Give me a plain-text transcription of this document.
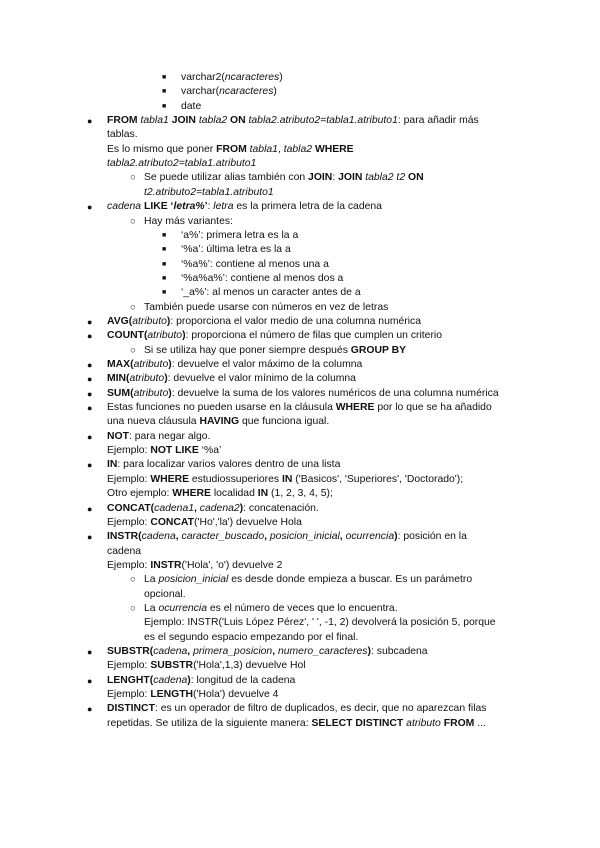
■ varchar2(ncaracteres)
■ varchar(ncaracteres)
■ date
● FROM tabla1 JOIN tabla2 ON tabla2.atributo2=tabla1.atributo1: para añadir más
tablas.
Es lo mismo que poner FROM tabla1, tabla2 WHERE
tabla2.atributo2=tabla1.atributo1
○ Se puede utilizar alias también con JOIN: JOIN tabla2 t2 ON
t2.atributo2=tabla1.atributo1
● cadena LIKE ‘letra%’: letra es la primera letra de la cadena
○ Hay más variantes:
■ ‘a%’: primera letra es la a
■ ‘%a’: última letra es la a
■ ‘%a%’: contiene al menos una a
■ ‘%a%a%’: contiene al menos dos a
■ ‘_a%’: al menos un caracter antes de a
○ También puede usarse con números en vez de letras
● AVG(atributo): proporciona el valor medio de una columna numérica
● COUNT(atributo): proporciona el número de filas que cumplen un criterio
○ Si se utiliza hay que poner siempre después GROUP BY
● MAX(atributo): devuelve el valor máximo de la columna
● MIN(atributo): devuelve el valor mínimo de la columna
● SUM(atributo): devuelve la suma de los valores numéricos de una columna numérica
● Estas funciones no pueden usarse en la cláusula WHERE por lo que se ha añadido
una nueva cláusula HAVING que funciona igual.
● NOT: para negar algo.
Ejemplo: NOT LIKE ‘%a’
● IN: para localizar varios valores dentro de una lista
Ejemplo: WHERE estudiossuperiores IN ('Basicos', 'Superiores', 'Doctorado');
Otro ejemplo: WHERE localidad IN (1, 2, 3, 4, 5);
● CONCAT(cadena1, cadena2): concatenación.
Ejemplo: CONCAT('Ho','la') devuelve Hola
● INSTR(cadena, caracter_buscado, posicion_inicial, ocurrencia): posición en la
cadena
Ejemplo: INSTR('Hola', 'o') devuelve 2
○ La posicion_inicial es desde donde empieza a buscar. Es un parámetro
opcional.
○ La ocurrencia es el número de veces que lo encuentra.
Ejemplo: INSTR('Luis López Pérez', ' ', -1, 2) devolverá la posición 5, porque
es el segundo espacio empezando por el final.
● SUBSTR(cadena, primera_posicion, numero_caracteres): subcadena
Ejemplo: SUBSTR('Hola',1,3) devuelve Hol
● LENGHT(cadena): longitud de la cadena
Ejemplo: LENGTH('Hola') devuelve 4
● DISTINCT: es un operador de filtro de duplicados, es decir, que no aparezcan filas
repetidas. Se utiliza de la siguiente manera: SELECT DISTINCT atributo FROM ...
